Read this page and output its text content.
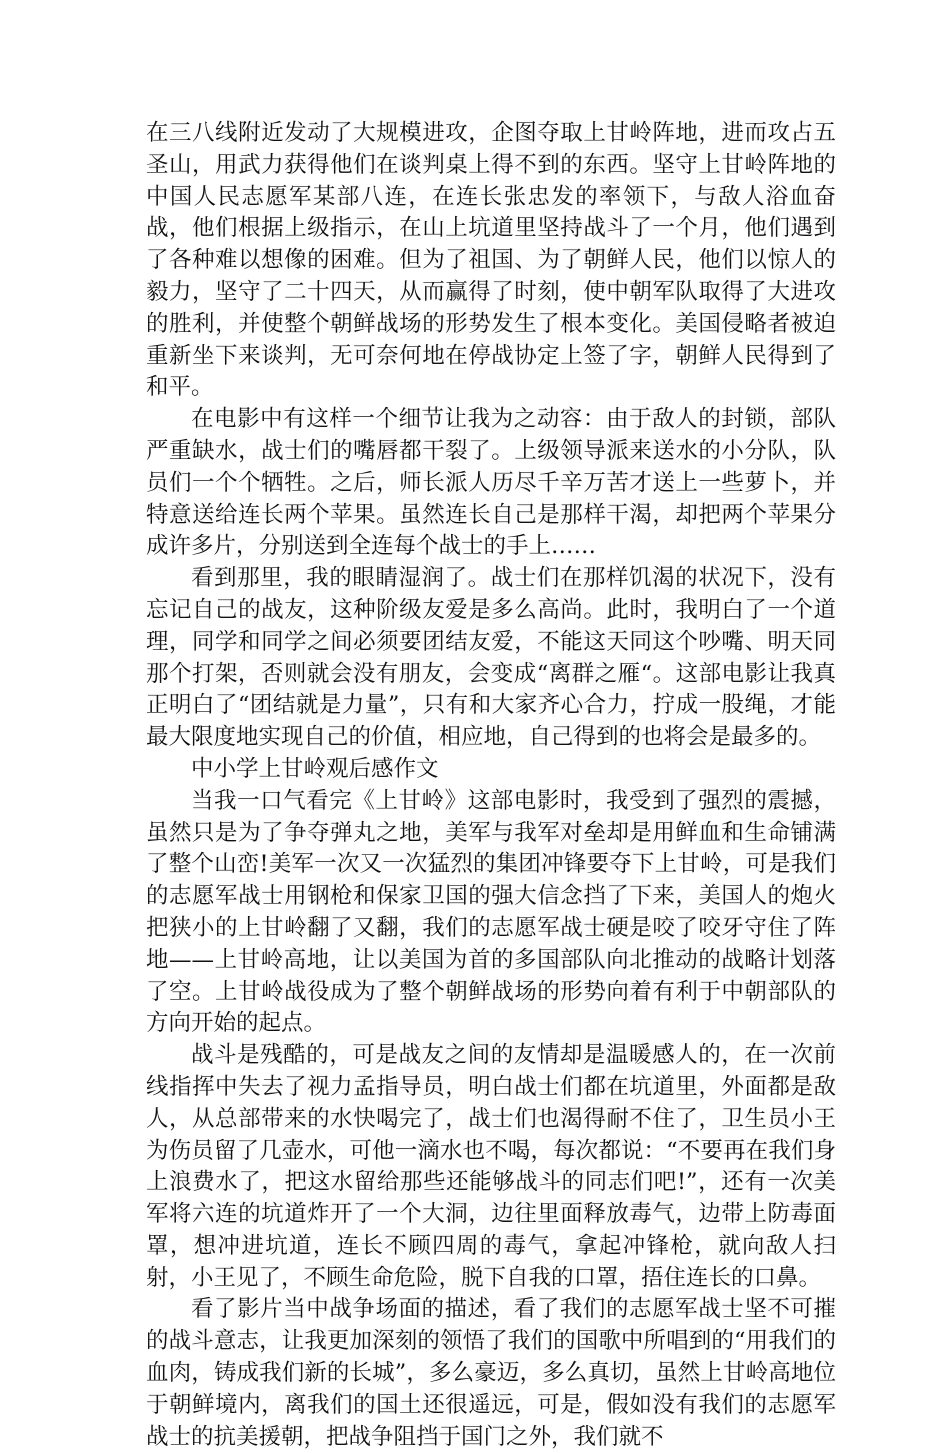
在三八线附近发动了大规模进攻，企图夺取上甘岭阵地，进而攻占五圣山，用武力获得他们在谈判桌上得不到的东西。坚守上甘岭阵地的中国人民志愿军某部八连，在连长张忠发的率领下，与敌人浴血奋战，他们根据上级指示，在山上坑道里坚持战斗了一个月，他们遇到了各种难以想像的困难。但为了祖国、为了朝鲜人民，他们以惊人的毅力，坚守了二十四天，从而赢得了时刻，使中朝军队取得了大进攻的胜利，并使整个朝鲜战场的形势发生了根本变化。美国侵略者被迫重新坐下来谈判，无可奈何地在停战协定上签了字，朝鲜人民得到了和平。

在电影中有这样一个细节让我为之动容：由于敌人的封锁，部队严重缺水，战士们的嘴唇都干裂了。上级领导派来送水的小分队，队员们一个个牺牲。之后，师长派人历尽千辛万苦才送上一些萝卜，并特意送给连长两个苹果。虽然连长自己是那样干渴，却把两个苹果分成许多片，分别送到全连每个战士的手上……

看到那里，我的眼睛湿润了。战士们在那样饥渴的状况下，没有忘记自己的战友，这种阶级友爱是多么高尚。此时，我明白了一个道理，同学和同学之间必须要团结友爱，不能这天同这个吵嘴、明天同那个打架，否则就会没有朋友，会变成“离群之雁“。这部电影让我真正明白了“团结就是力量”，只有和大家齐心合力，拧成一股绳，才能最大限度地实现自己的价值，相应地，自己得到的也将会是最多的。

中小学上甘岭观后感作文

当我一口气看完《上甘岭》这部电影时，我受到了强烈的震撼，虽然只是为了争夺弹丸之地，美军与我军对垒却是用鲜血和生命铺满了整个山峦!美军一次又一次猛烈的集团冲锋要夺下上甘岭，可是我们的志愿军战士用钢枪和保家卫国的强大信念挡了下来，美国人的炮火把狭小的上甘岭翻了又翻，我们的志愿军战士硬是咬了咬牙守住了阵地——上甘岭高地，让以美国为首的多国部队向北推动的战略计划落了空。上甘岭战役成为了整个朝鲜战场的形势向着有利于中朝部队的方向开始的起点。

战斗是残酷的，可是战友之间的友情却是温暖感人的，在一次前线指挥中失去了视力孟指导员，明白战士们都在坑道里，外面都是敌人，从总部带来的水快喝完了，战士们也渴得耐不住了，卫生员小王为伤员留了几壶水，可他一滴水也不喝，每次都说：“不要再在我们身上浪费水了，把这水留给那些还能够战斗的同志们吧!”，还有一次美军将六连的坑道炸开了一个大洞，边往里面释放毒气，边带上防毒面罩，想冲进坑道，连长不顾四周的毒气，拿起冲锋枪，就向敌人扫射，小王见了，不顾生命危险，脱下自我的口罩，捂住连长的口鼻。

看了影片当中战争场面的描述，看了我们的志愿军战士坚不可摧的战斗意志，让我更加深刻的领悟了我们的国歌中所唱到的“用我们的血肉，铸成我们新的长城”，多么豪迈，多么真切，虽然上甘岭高地位于朝鲜境内，离我们的国土还很遥远，可是，假如没有我们的志愿军战士的抗美援朝，把战争阻挡于国门之外，我们就不
